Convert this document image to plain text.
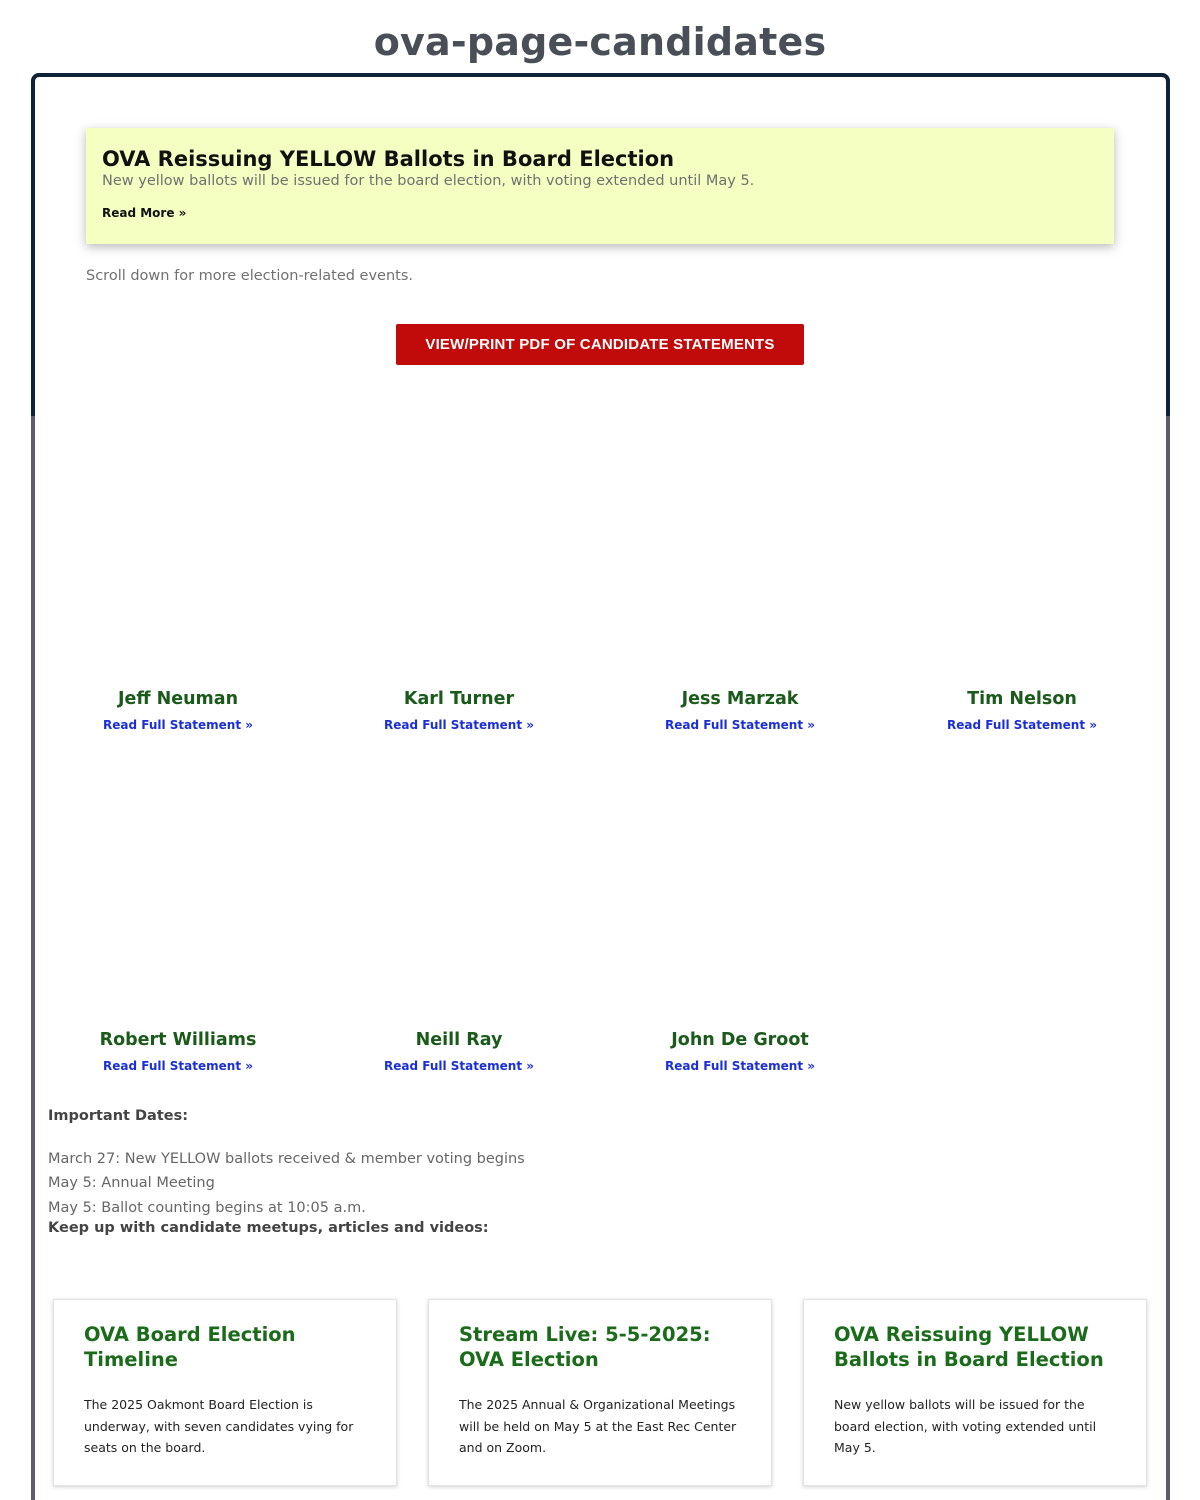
ova-page-candidates
OVA Reissuing YELLOW Ballots in Board Election
New yellow ballots will be issued for the board election, with voting extended until May 5.
Read More »
Scroll down for more election-related events.
VIEW/PRINT PDF OF CANDIDATE STATEMENTS
Jeff Neuman
Read Full Statement »
Karl Turner
Read Full Statement »
Jess Marzak
Read Full Statement »
Tim Nelson
Read Full Statement »
Robert Williams
Read Full Statement »
Neill Ray
Read Full Statement »
John De Groot
Read Full Statement »
Important Dates:
March 27: New YELLOW ballots received & member voting begins
May 5: Annual Meeting
May 5: Ballot counting begins at 10:05 a.m.
Keep up with candidate meetups, articles and videos:
OVA Board Election Timeline
The 2025 Oakmont Board Election is underway, with seven candidates vying for seats on the board.
Stream Live: 5-5-2025: OVA Election
The 2025 Annual & Organizational Meetings will be held on May 5 at the East Rec Center and on Zoom.
OVA Reissuing YELLOW Ballots in Board Election
New yellow ballots will be issued for the board election, with voting extended until May 5.
